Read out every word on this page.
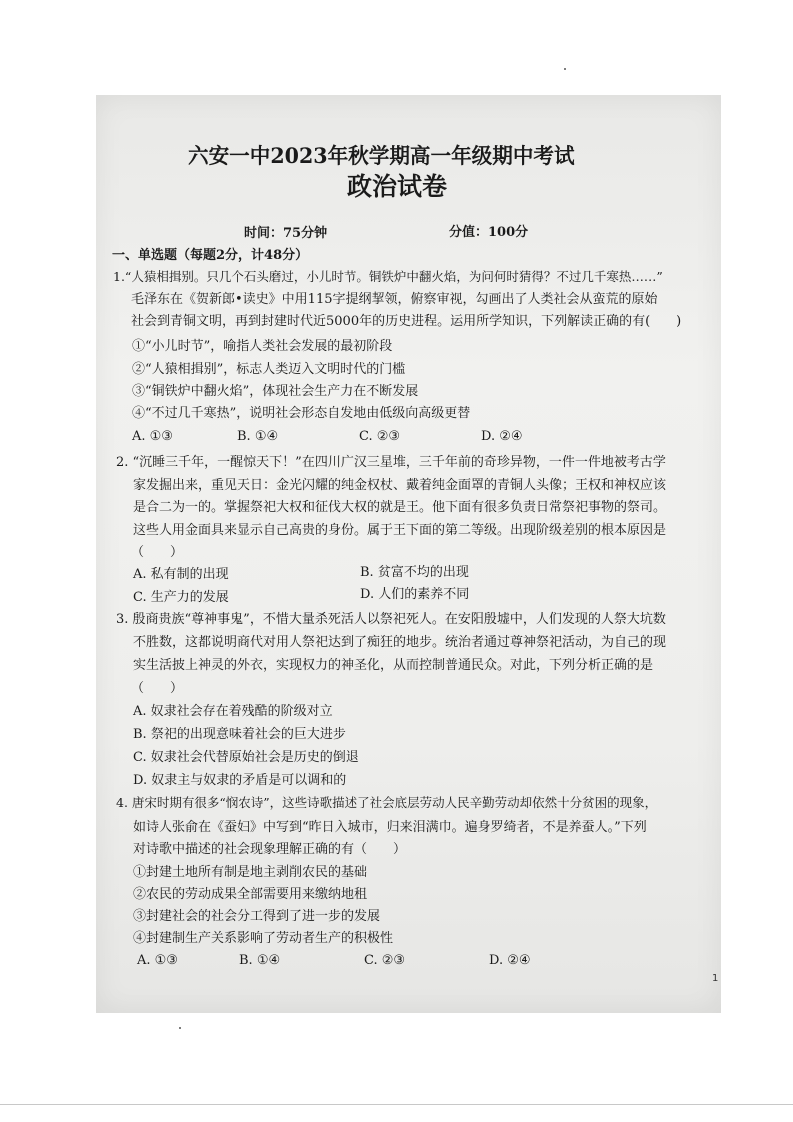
六安一中2023年秋学期高一年级期中考试
政治试卷
时间：75分钟	分值：100分
一、单选题（每题2分，计48分）
1.“人猿相揖别。只几个石头磨过，小儿时节。铜铁炉中翻火焰，为问何时猜得？不过几千寒热……”
毛泽东在《贺新郎•读史》中用115字提纲挈领，俯察审视，勾画出了人类社会从蛮荒的原始
社会到青铜文明，再到封建时代近5000年的历史进程。运用所学知识，下列解读正确的有(　　)
①“小儿时节”，喻指人类社会发展的最初阶段
②“人猿相揖别”，标志人类迈入文明时代的门槛
③“铜铁炉中翻火焰”，体现社会生产力在不断发展
④“不过几千寒热”，说明社会形态自发地由低级向高级更替
A. ①③	B. ①④	C. ②③	D. ②④
2. “沉睡三千年，一醒惊天下！”在四川广汉三星堆，三千年前的奇珍异物，一件一件地被考古学
家发掘出来，重见天日：金光闪耀的纯金权杖、戴着纯金面罩的青铜人头像；王权和神权应该
是合二为一的。掌握祭祀大权和征伐大权的就是王。他下面有很多负责日常祭祀事物的祭司。
这些人用金面具来显示自己高贵的身份。属于王下面的第二等级。出现阶级差别的根本原因是
（　　）
A. 私有制的出现	B. 贫富不均的出现
C. 生产力的发展	D. 人们的素养不同
3. 殷商贵族“尊神事鬼”，不惜大量杀死活人以祭祀死人。在安阳殷墟中，人们发现的人祭大坑数
不胜数，这都说明商代对用人祭祀达到了痴狂的地步。统治者通过尊神祭祀活动，为自己的现
实生活披上神灵的外衣，实现权力的神圣化，从而控制普通民众。对此，下列分析正确的是
（　　）
A. 奴隶社会存在着残酷的阶级对立
B. 祭祀的出现意味着社会的巨大进步
C. 奴隶社会代替原始社会是历史的倒退
D. 奴隶主与奴隶的矛盾是可以调和的
4. 唐宋时期有很多“悯农诗”，这些诗歌描述了社会底层劳动人民辛勤劳动却依然十分贫困的现象，
如诗人张俞在《蚕妇》中写到“昨日入城市，归来泪满巾。遍身罗绮者，不是养蚕人。”下列
对诗歌中描述的社会现象理解正确的有（　　）
①封建土地所有制是地主剥削农民的基础
②农民的劳动成果全部需要用来缴纳地租
③封建社会的社会分工得到了进一步的发展
④封建制生产关系影响了劳动者生产的积极性
A. ①③	B. ①④	C. ②③	D. ②④
1
